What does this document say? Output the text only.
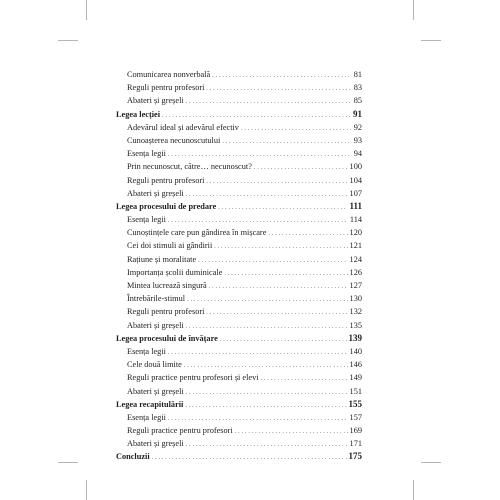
Comunicarea nonverbală . . .	81
Reguli pentru profesori . . .	83
Abateri și greșeli . . .	85
Legea lecției . . .	91
Adevărul ideal și adevărul efectiv . . .	92
Cunoașterea necunoscutului . . .	93
Esența legii . . .	94
Prin necunoscut, către… necunoscut? . . .	100
Reguli pentru profesori . . .	104
Abateri și greșeli . . .	107
Legea procesului de predare . . .	111
Esența legii . . .	114
Cunoștințele care pun gândirea în mișcare . . .	120
Cei doi stimuli ai gândirii . . .	121
Rațiune și moralitate . . .	124
Importanța școlii duminicale . . .	126
Mintea lucrează singură . . .	127
Întrebările-stimul . . .	130
Reguli pentru profesori . . .	132
Abateri și greșeli . . .	135
Legea procesului de învățare . . .	139
Esența legii . . .	140
Cele două limite . . .	146
Reguli practice pentru profesori și elevi . . .	149
Abateri și greșeli . . .	151
Legea recapitulării . . .	155
Esența legii . . .	157
Reguli practice pentru profesori . . .	169
Abateri și greșeli . . .	171
Concluzii . . .	175
